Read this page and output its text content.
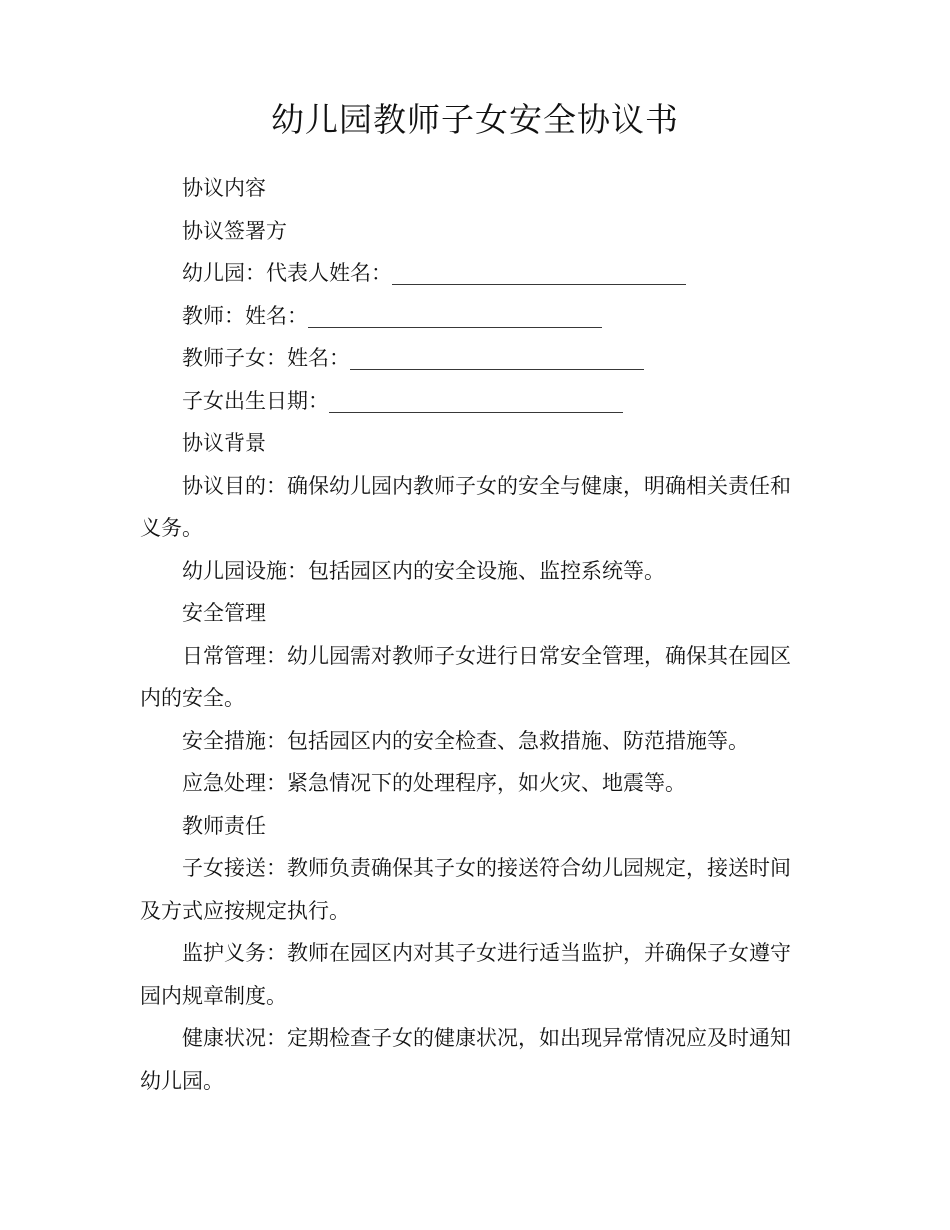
幼儿园教师子女安全协议书

协议内容

协议签署方

幼儿园：代表人姓名：____________________________

教师：姓名：____________________________

教师子女：姓名：____________________________

子女出生日期：____________________________

协议背景

协议目的：确保幼儿园内教师子女的安全与健康，明确相关责任和义务。

幼儿园设施：包括园区内的安全设施、监控系统等。

安全管理

日常管理：幼儿园需对教师子女进行日常安全管理，确保其在园区内的安全。

安全措施：包括园区内的安全检查、急救措施、防范措施等。

应急处理：紧急情况下的处理程序，如火灾、地震等。

教师责任

子女接送：教师负责确保其子女的接送符合幼儿园规定，接送时间及方式应按规定执行。

监护义务：教师在园区内对其子女进行适当监护，并确保子女遵守园内规章制度。

健康状况：定期检查子女的健康状况，如出现异常情况应及时通知幼儿园。
